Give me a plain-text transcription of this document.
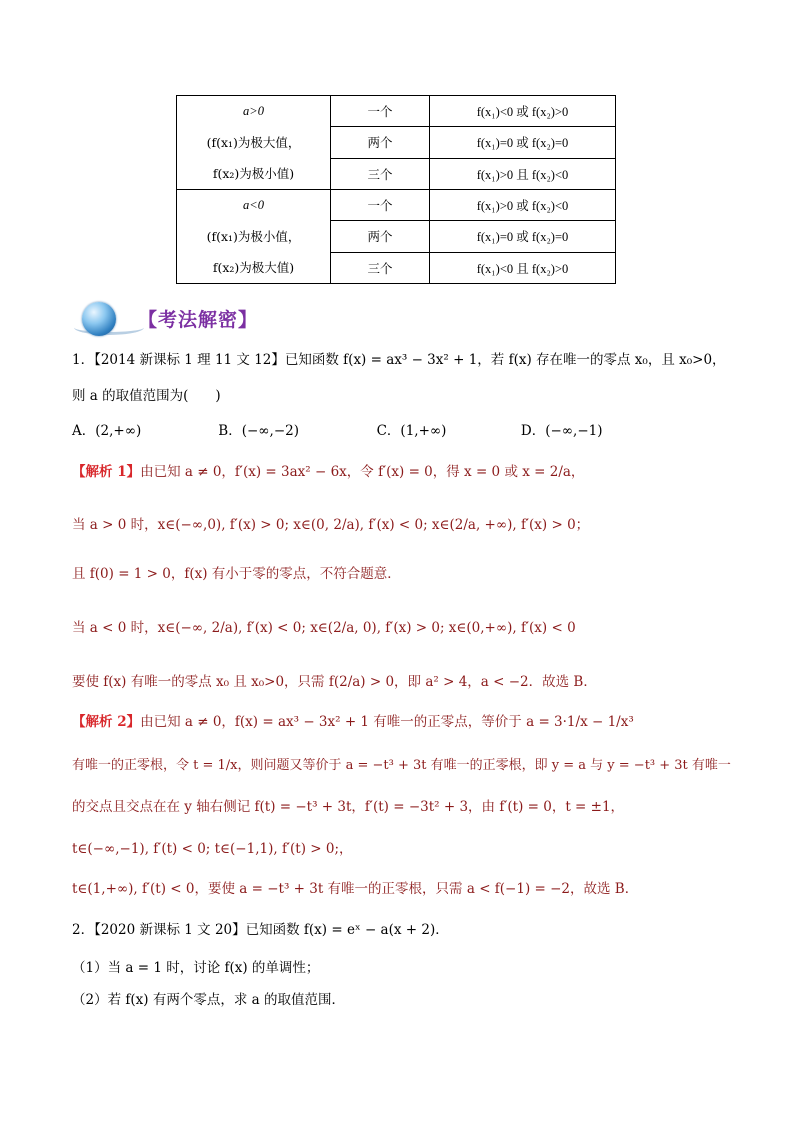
a>0
(f(x₁)为极大值，
f(x₂)为极小值)	一个	f(x₁)<0 或 f(x₂)>0
	两个	f(x₁)=0 或 f(x₂)=0
	三个	f(x₁)>0 且 f(x₂)<0

a<0
(f(x₁)为极小值，
f(x₂)为极大值)	一个	f(x₁)>0 或 f(x₂)<0
	两个	f(x₁)=0 或 f(x₂)=0
	三个	f(x₁)<0 且 f(x₂)>0
【考法解密】
1．【2014 新课标 1 理 11 文 12】已知函数 f(x) = ax³ − 3x² + 1，若 f(x) 存在唯一的零点 x₀，且 x₀>0，
则 a 的取值范围为(　　)
A．(2,+∞)	B．(−∞,−2)	C．(1,+∞)	D．(−∞,−1)
【解析 1】由已知 a ≠ 0，f′(x) = 3ax² − 6x，令 f′(x) = 0，得 x = 0 或 x = 2/a，
当 a > 0 时，x∈(−∞,0), f′(x) > 0; x∈(0, 2/a), f′(x) < 0; x∈(2/a, +∞), f′(x) > 0；
且 f(0) = 1 > 0，f(x) 有小于零的零点，不符合题意．
当 a < 0 时，x∈(−∞, 2/a), f′(x) < 0; x∈(2/a, 0), f′(x) > 0; x∈(0,+∞), f′(x) < 0
要使 f(x) 有唯一的零点 x₀ 且 x₀>0，只需 f(2/a) > 0，即 a² > 4，a < −2．故选 B．
【解析 2】由已知 a ≠ 0，f(x) = ax³ − 3x² + 1 有唯一的正零点，等价于 a = 3·1/x − 1/x³
有唯一的正零根，令 t = 1/x，则问题又等价于 a = −t³ + 3t 有唯一的正零根，即 y = a 与 y = −t³ + 3t 有唯一
的交点且交点在在 y 轴右侧记 f(t) = −t³ + 3t，f′(t) = −3t² + 3，由 f′(t) = 0，t = ±1，
t∈(−∞,−1), f′(t) < 0; t∈(−1,1), f′(t) > 0;，
t∈(1,+∞), f′(t) < 0，要使 a = −t³ + 3t 有唯一的正零根，只需 a < f(−1) = −2，故选 B．
2．【2020 新课标 1 文 20】已知函数 f(x) = eˣ − a(x + 2)．
（1）当 a = 1 时，讨论 f(x) 的单调性；
（2）若 f(x) 有两个零点，求 a 的取值范围．
